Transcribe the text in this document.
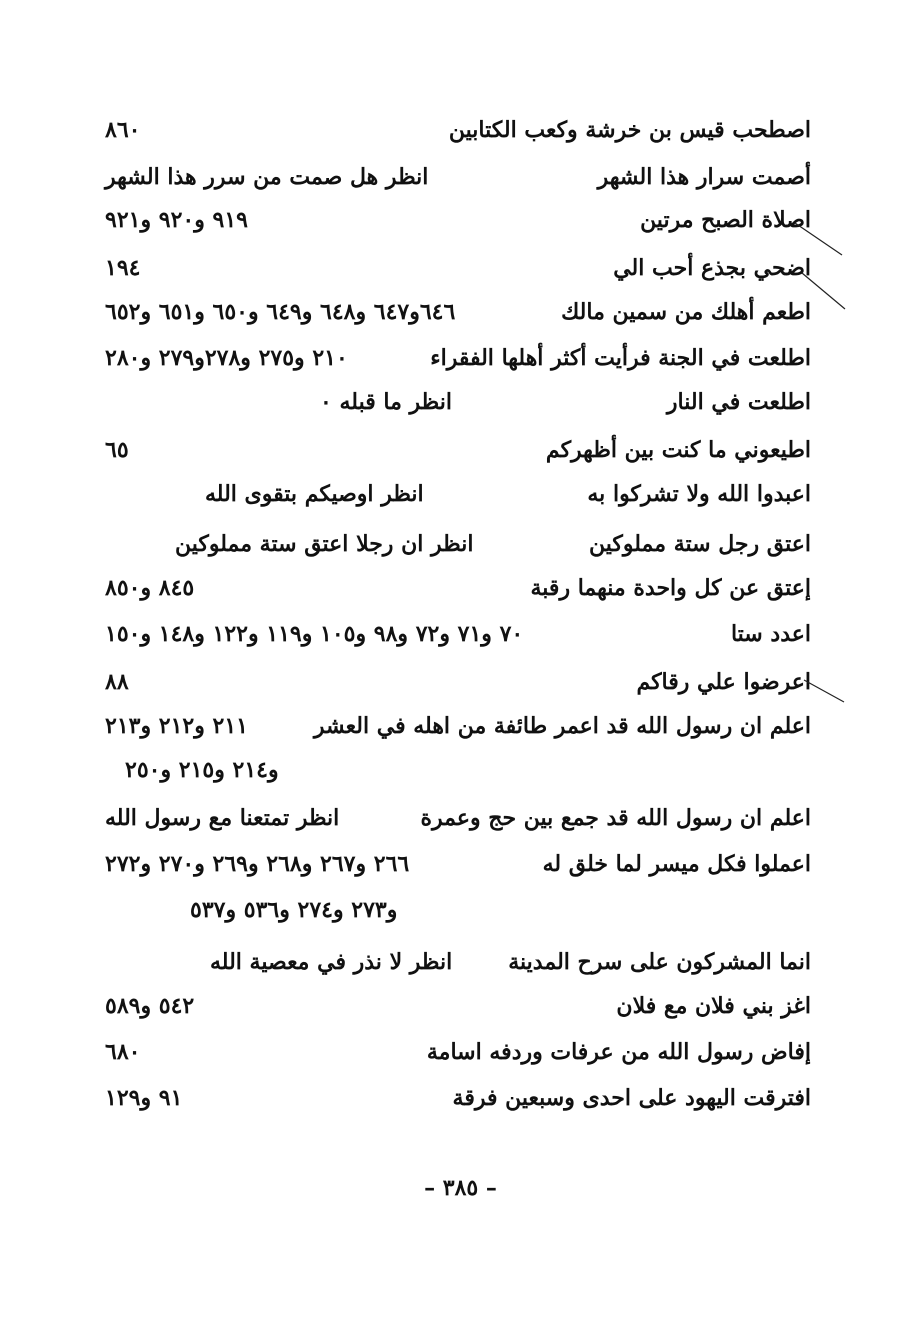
اصطحب قيس بن خرشة وكعب الكتابين
٨٦٠
أصمت سرار هذا الشهر
انظر هل صمت من سرر هذا الشهر
اصلاة الصبح مرتين
٩١٩ و٩٢٠ و٩٢١
اضحي بجذع أحب الي
١٩٤
اطعم أهلك من سمين مالك
٦٤٦و٦٤٧ و٦٤٨ و٦٤٩ و٦٥٠ و٦٥١ و٦٥٢
اطلعت في الجنة فرأيت أكثر أهلها الفقراء
٢١٠ و٢٧٥ و٢٧٨و٢٧٩ و٢٨٠
اطلعت في النار
انظر ما قبله ٠
اطيعوني ما كنت بين أظهركم
٦٥
اعبدوا الله ولا تشركوا به
انظر اوصيكم بتقوى الله
اعتق رجل ستة مملوكين
انظر ان رجلا اعتق ستة مملوكين
إعتق عن كل واحدة منهما رقبة
٨٤٥ و٨٥٠
اعدد ستا
٧٠ و٧١ و٧٢ و٩٨ و١٠٥ و١١٩ و١٢٢ و١٤٨ و١٥٠
اعرضوا علي رقاكم
٨٨
اعلم ان رسول الله قد اعمر طائفة من اهله في العشر
٢١١ و٢١٢ و٢١٣
و٢١٤ و٢١٥ و٢٥٠
اعلم ان رسول الله قد جمع بين حج وعمرة
انظر تمتعنا مع رسول الله
اعملوا فكل ميسر لما خلق له
٢٦٦ و٢٦٧ و٢٦٨ و٢٦٩ و٢٧٠ و٢٧٢
و٢٧٣ و٢٧٤ و٥٣٦ و٥٣٧
انما المشركون على سرح المدينة
انظر لا نذر في معصية الله
اغز بني فلان مع فلان
٥٤٢ و٥٨٩
إفاض رسول الله من عرفات وردفه اسامة
٦٨٠
افترقت اليهود على احدى وسبعين فرقة
٩١ و١٢٩
– ٣٨٥ –
